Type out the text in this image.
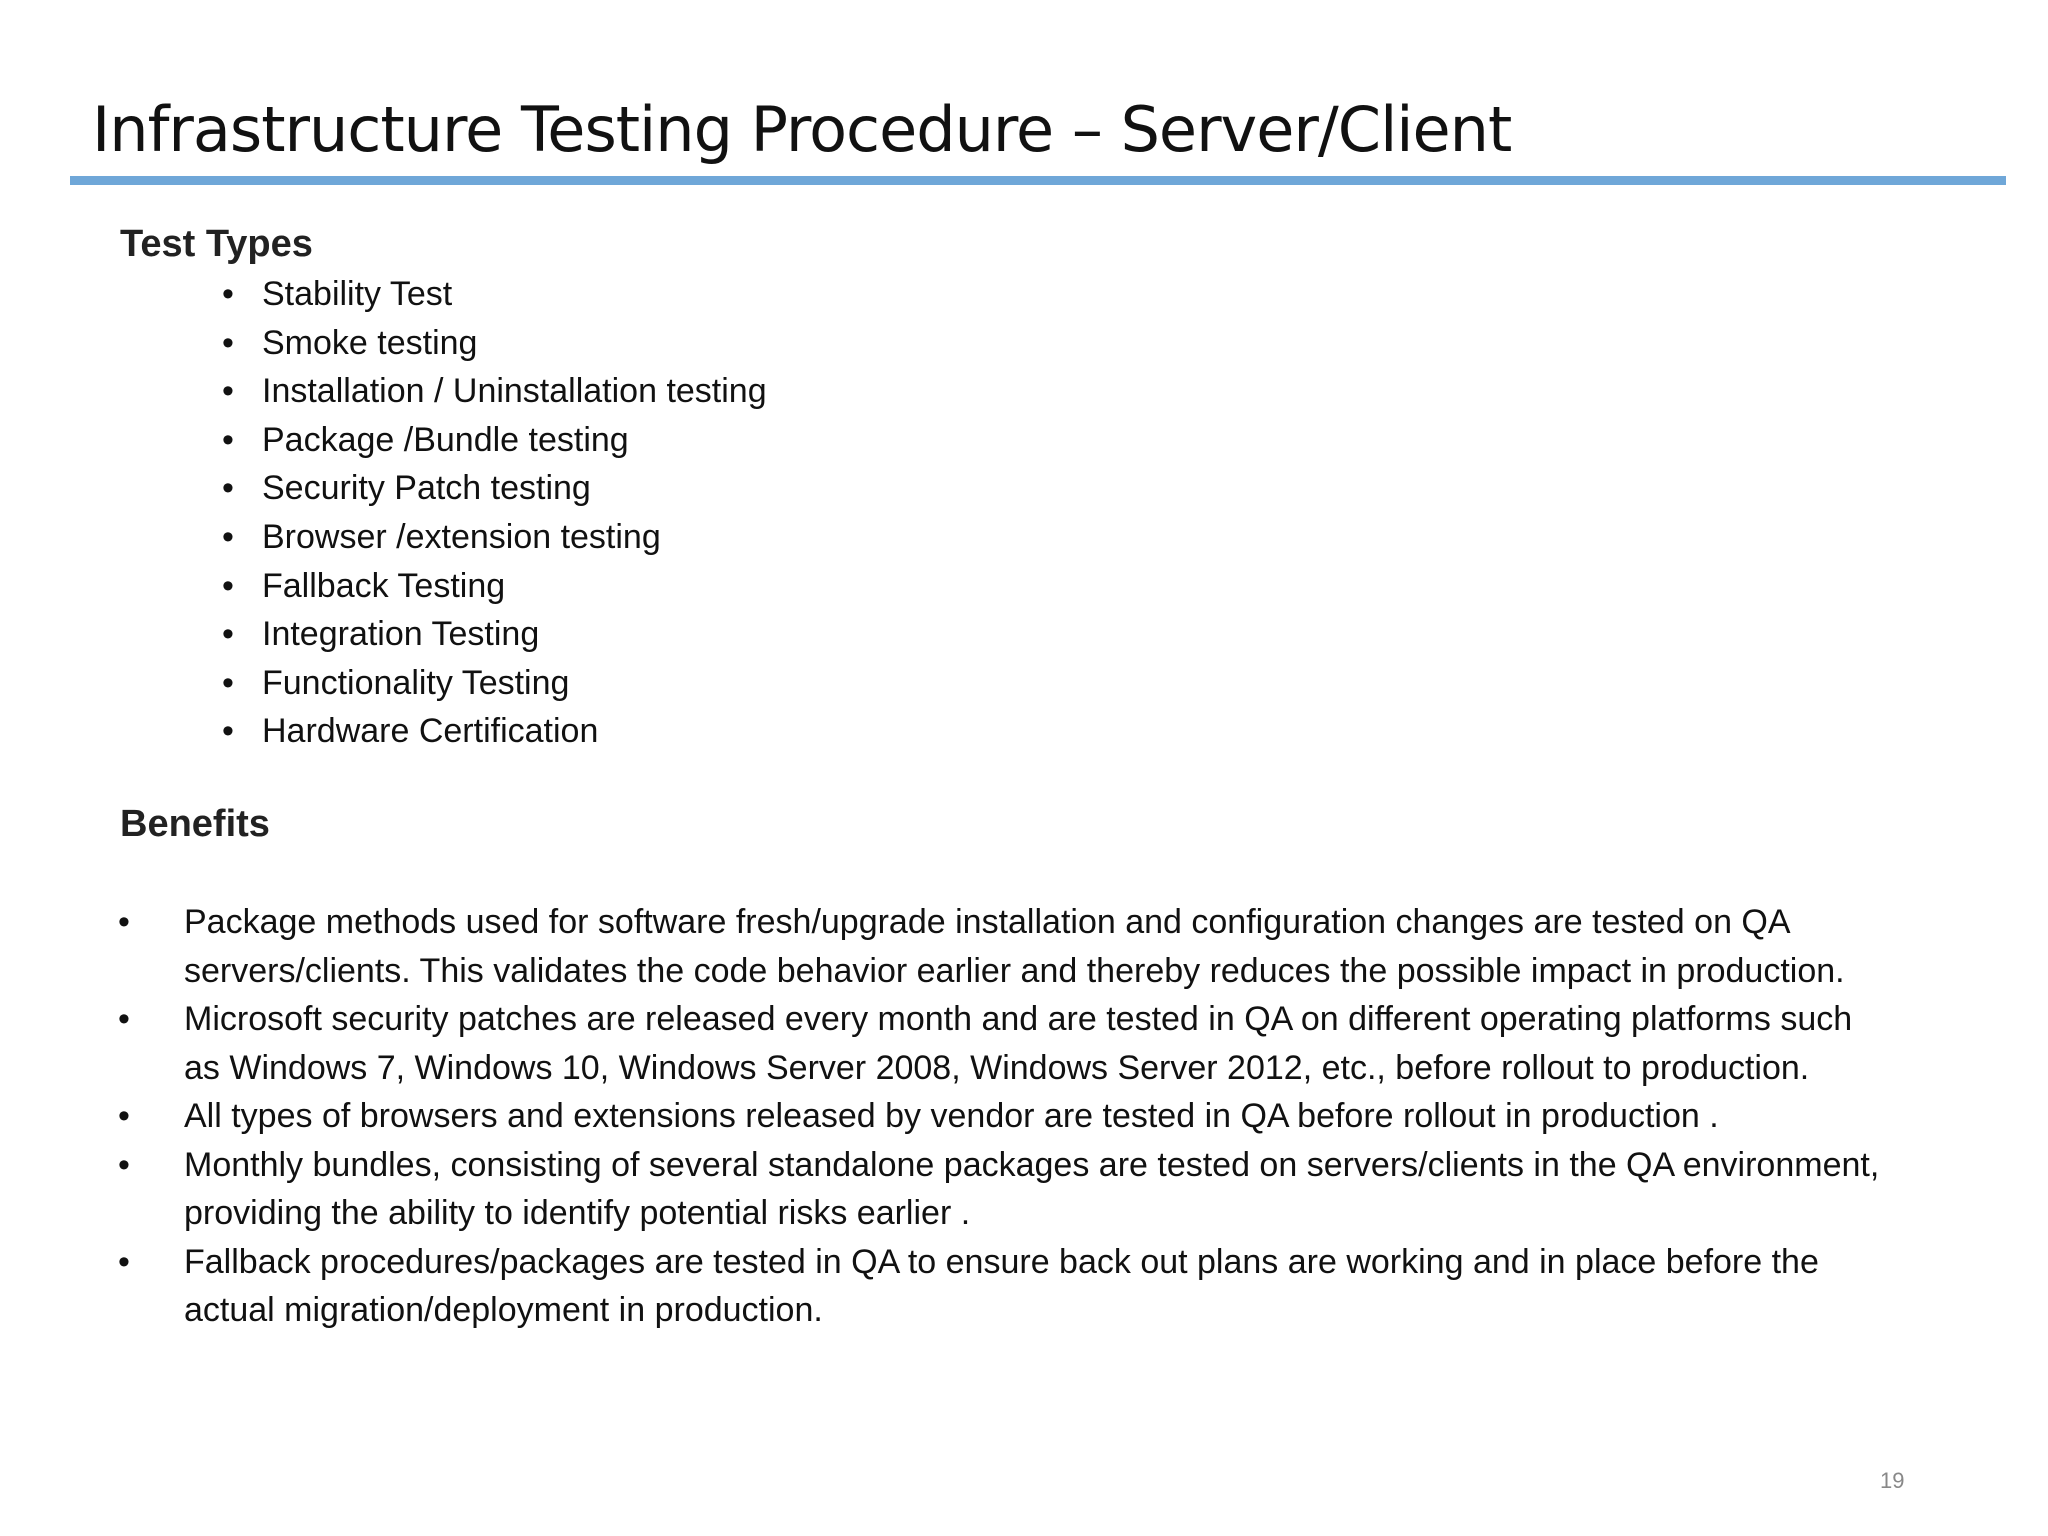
Infrastructure Testing Procedure – Server/Client
Test Types
• Stability Test
• Smoke testing
• Installation / Uninstallation testing
• Package /Bundle testing
• Security Patch testing
• Browser /extension testing
• Fallback Testing
• Integration Testing
• Functionality Testing
• Hardware Certification
Benefits
• Package methods used for software fresh/upgrade installation and configuration changes are tested on QA servers/clients. This validates the code behavior earlier and thereby reduces the possible impact in production.
• Microsoft security patches are released every month and are tested in QA on different operating platforms such as Windows 7, Windows 10, Windows Server 2008, Windows Server 2012, etc., before rollout to production.
• All types of browsers and extensions released by vendor are tested in QA before rollout in production .
• Monthly bundles, consisting of several standalone packages are tested on servers/clients in the QA environment, providing the ability to identify potential risks earlier .
• Fallback procedures/packages are tested in QA to ensure back out plans are working and in place before the actual migration/deployment in production.
19
